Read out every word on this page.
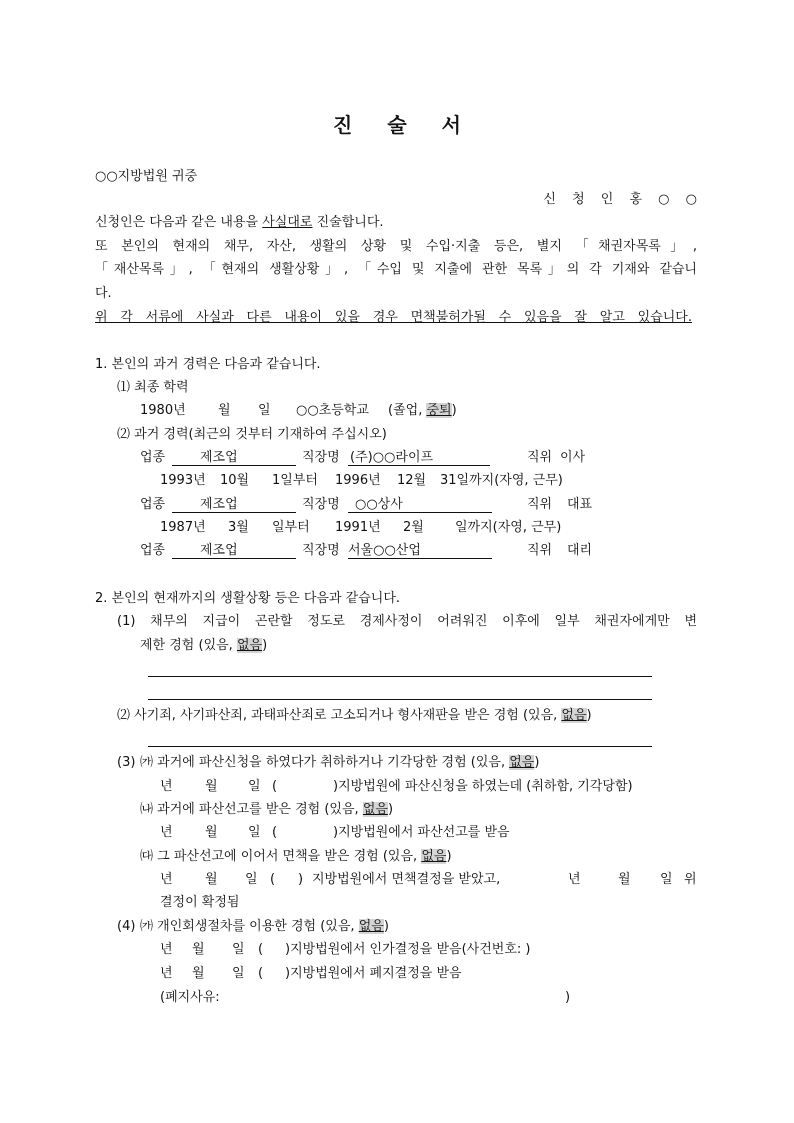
진 술 서
○○지방법원 귀중
신 청 인 홍 ○ ○
신청인은 다음과 같은 내용을 사실대로 진술합니다.
또 본인의 현재의 채무, 자산, 생활의 상황 및 수입·지출 등은, 별지 「채권자목록」,
「재산목록」, 「현재의 생활상황」, 「수입 및 지출에 관한 목록」의 각 기재와 같습니
다.
위 각 서류에 사실과 다른 내용이 있을 경우 면책불허가될 수 있음을 잘 알고 있습니다.
1. 본인의 과거 경력은 다음과 같습니다.
⑴ 최종 학력
1980년 월 일 ○○초등학교 (졸업, 중퇴)
⑵ 과거 경력(최근의 것부터 기재하여 주십시오)
업종	제조업	직장명 (주)○○라이프	직위 이사
1993년 10월 1일부터 1996년 12월 31일까지(자영, 근무)
업종	제조업	직장명	○○상사	직위 대표
1987년 3월 일부터 1991년 2월 일까지(자영, 근무)
업종	제조업	직장명 서울○○산업	직위 대리
2. 본인의 현재까지의 생활상황 등은 다음과 같습니다.
(1) 채무의 지급이 곤란할 정도로 경제사정이 어려워진 이후에 일부 채권자에게만 변
제한 경험 (있음, 없음)
⑵ 사기죄, 사기파산죄, 과태파산죄로 고소되거나 형사재판을 받은 경험 (있음, 없음)
(3) ㈎ 과거에 파산신청을 하였다가 취하하거나 기각당한 경험 (있음, 없음)
년 월 일 (	)지방법원에 파산신청을 하였는데 (취하함, 기각당함)
㈏ 과거에 파산선고를 받은 경험 (있음, 없음)
년 월 일 (	)지방법원에서 파산선고를 받음
㈐ 그 파산선고에 이어서 면책을 받은 경험 (있음, 없음)
년 월 일 ( ) 지방법원에서 면책결정을 받았고,	년	월 일 위
결정이 확정됨
(4) ㈎ 개인회생절차를 이용한 경험 (있음, 없음)
년 월 일 ( )지방법원에서 인가결정을 받음(사건번호: )
년 월 일 ( )지방법원에서 폐지결정을 받음
(폐지사유:	)
